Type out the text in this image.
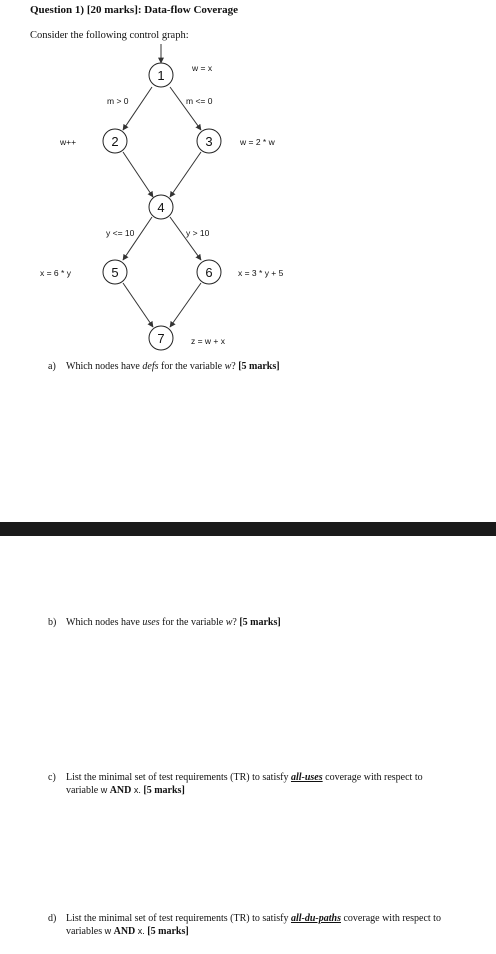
Question 1) [20 marks]: Data-flow Coverage
Consider the following control graph:
m > 0	m <= 0
y <= 10	y > 10
1
2	3
4
5	6
7
w = x
w++	w = 2 * w
x = 6 * y	x = 3 * y + 5
z = w + x
a) Which nodes have defs for the variable w? [5 marks]
b) Which nodes have uses for the variable w? [5 marks]
c) List the minimal set of test requirements (TR) to satisfy all-uses coverage with respect to
variable w AND x. [5 marks]
d) List the minimal set of test requirements (TR) to satisfy all-du-paths coverage with respect to
variables w AND x. [5 marks]
